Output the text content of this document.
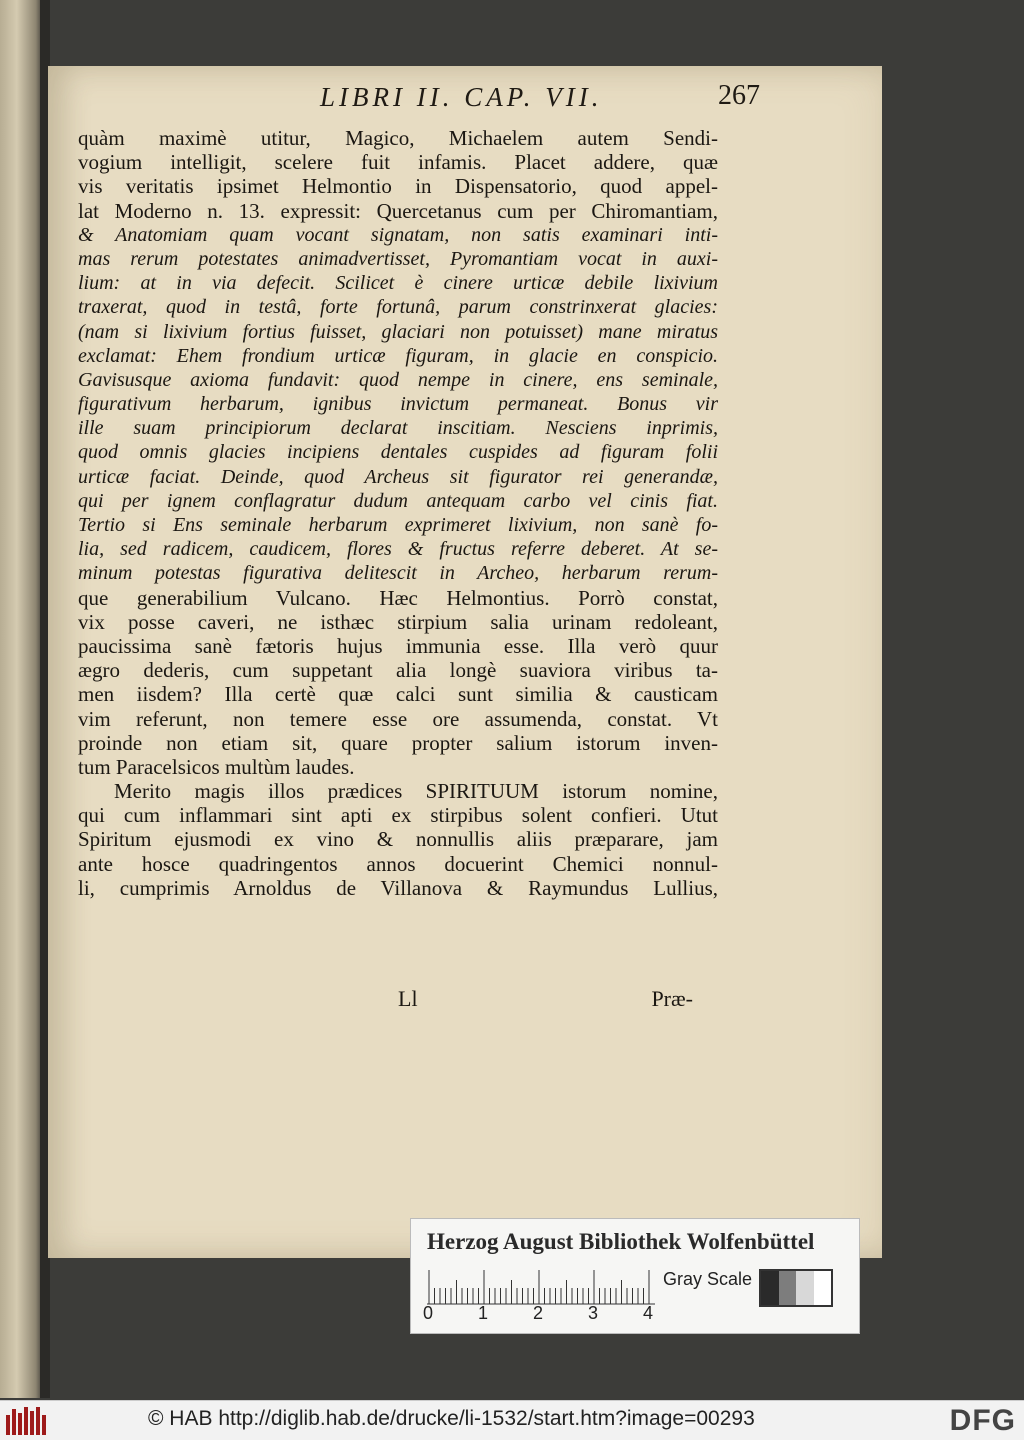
LIBRI II. CAP. VII.	267
quàm maximè utitur, Magico, Michaelem autem Sendi-
vogium intelligit, scelere fuit infamis. Placet addere, quæ
vis veritatis ipsimet Helmontio in Dispensatorio, quod appel-
lat Moderno n. 13. expressit: Quercetanus cum per Chiromantiam,
& Anatomiam quam vocant signatam, non satis examinari inti-
mas rerum potestates animadvertisset, Pyromantiam vocat in auxi-
lium: at in via defecit. Scilicet è cinere urticæ debile lixivium
traxerat, quod in testâ, forte fortunâ, parum constrinxerat glacies:
(nam si lixivium fortius fuisset, glaciari non potuisset) mane miratus
exclamat: Ehem frondium urticæ figuram, in glacie en conspicio.
Gavisusque axioma fundavit: quod nempe in cinere, ens seminale,
figurativum herbarum, ignibus invictum permaneat. Bonus vir
ille suam principiorum declarat inscitiam. Nesciens inprimis,
quod omnis glacies incipiens dentales cuspides ad figuram folii
urticæ faciat. Deinde, quod Archeus sit figurator rei generandæ,
qui per ignem conflagratur dudum antequam carbo vel cinis fiat.
Tertio si Ens seminale herbarum exprimeret lixivium, non sanè fo-
lia, sed radicem, caudicem, flores & fructus referre deberet. At se-
minum potestas figurativa delitescit in Archeo, herbarum rerum-
que generabilium Vulcano. Hæc Helmontius. Porrò constat,
vix posse caveri, ne isthæc stirpium salia urinam redoleant,
paucissima sanè fætoris hujus immunia esse. Illa verò quur
ægro dederis, cum suppetant alia longè suaviora viribus ta-
men iisdem? Illa certè quæ calci sunt similia & causticam
vim referunt, non temere esse ore assumenda, constat. Vt
proinde non etiam sit, quare propter salium istorum inven-
tum Paracelsicos multùm laudes.
Merito magis illos prædices SPIRITUUM istorum nomine,
qui cum inflammari sint apti ex stirpibus solent confieri. Utut
Spiritum ejusmodi ex vino & nonnullis aliis præparare, jam
ante hosce quadringentos annos docuerint Chemici nonnul-
li, cumprimis Arnoldus de Villanova & Raymundus Lullius,
Ll	Præ-
Herzog August Bibliothek Wolfenbüttel
0 1 2 3 4
Gray Scale
© HAB http://diglib.hab.de/drucke/li-1532/start.htm?image=00293	DFG
